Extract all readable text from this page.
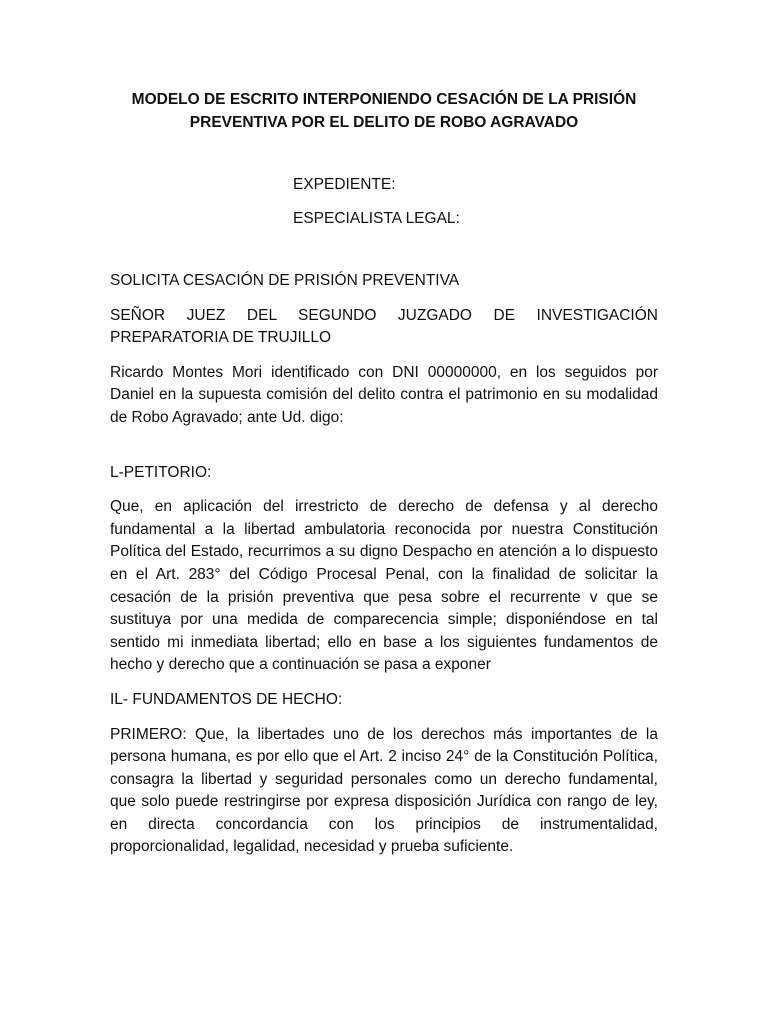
MODELO DE ESCRITO INTERPONIENDO CESACIÓN DE LA PRISIÓN
PREVENTIVA POR EL DELITO DE ROBO AGRAVADO
EXPEDIENTE:
ESPECIALISTA LEGAL:

SOLICITA CESACIÓN DE PRISIÓN PREVENTIVA

SEÑOR JUEZ DEL SEGUNDO JUZGADO DE INVESTIGACIÓN PREPARATORIA DE TRUJILLO

Ricardo Montes Mori identificado con DNI 00000000, en los seguidos por Daniel en la supuesta comisión del delito contra el patrimonio en su modalidad de Robo Agravado; ante Ud. digo:

L-PETITORIO:

Que, en aplicación del irrestricto de derecho de defensa y al derecho fundamental a la libertad ambulatoria reconocida por nuestra Constitución Política del Estado, recurrimos a su digno Despacho en atención a lo dispuesto en el Art. 283° del Código Procesal Penal, con la finalidad de solicitar la cesación de la prisión preventiva que pesa sobre el recurrente v que se sustituya por una medida de comparecencia simple; disponiéndose en tal sentido mi inmediata libertad; ello en base a los siguientes fundamentos de hecho y derecho que a continuación se pasa a exponer

IL- FUNDAMENTOS DE HECHO:

PRIMERO: Que, la libertades uno de los derechos más importantes de la persona humana, es por ello que el Art. 2 inciso 24° de la Constitución Política, consagra la libertad y seguridad personales como un derecho fundamental, que solo puede restringirse por expresa disposición Jurídica con rango de ley, en directa concordancia con los principios de instrumentalidad, proporcionalidad, legalidad, necesidad y prueba suficiente.
